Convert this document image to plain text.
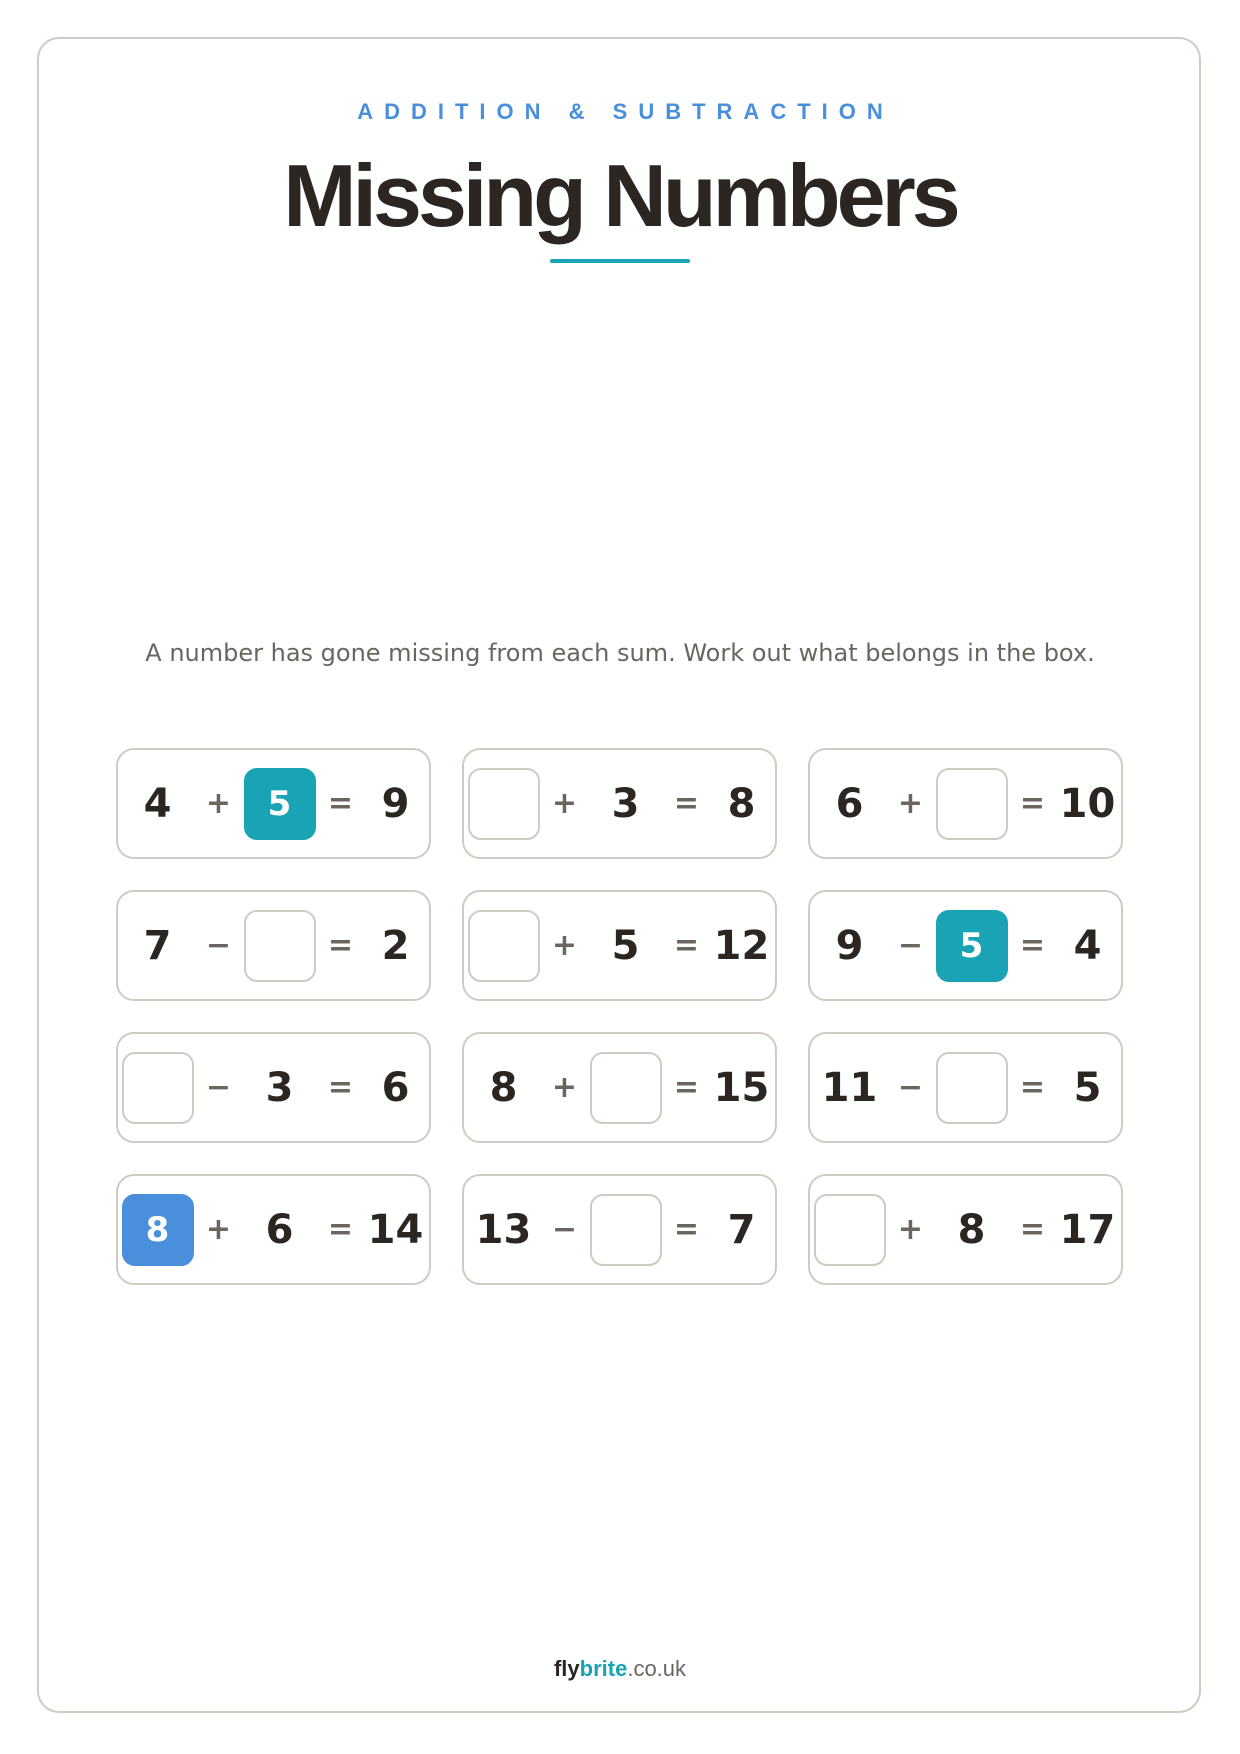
ADDITION & SUBTRACTION
Missing Numbers
A number has gone missing from each sum. Work out what belongs in the box.
4 +	5	= 9	+ 3 = 8 6 +	= 10
7 −	= 2	+ 5 = 12 9 −	5	= 4
− 3 = 6 8 +	= 15 11 −	= 5
8	+ 6 = 14 13 −	= 7	+ 8 = 17
flybrite.co.uk
